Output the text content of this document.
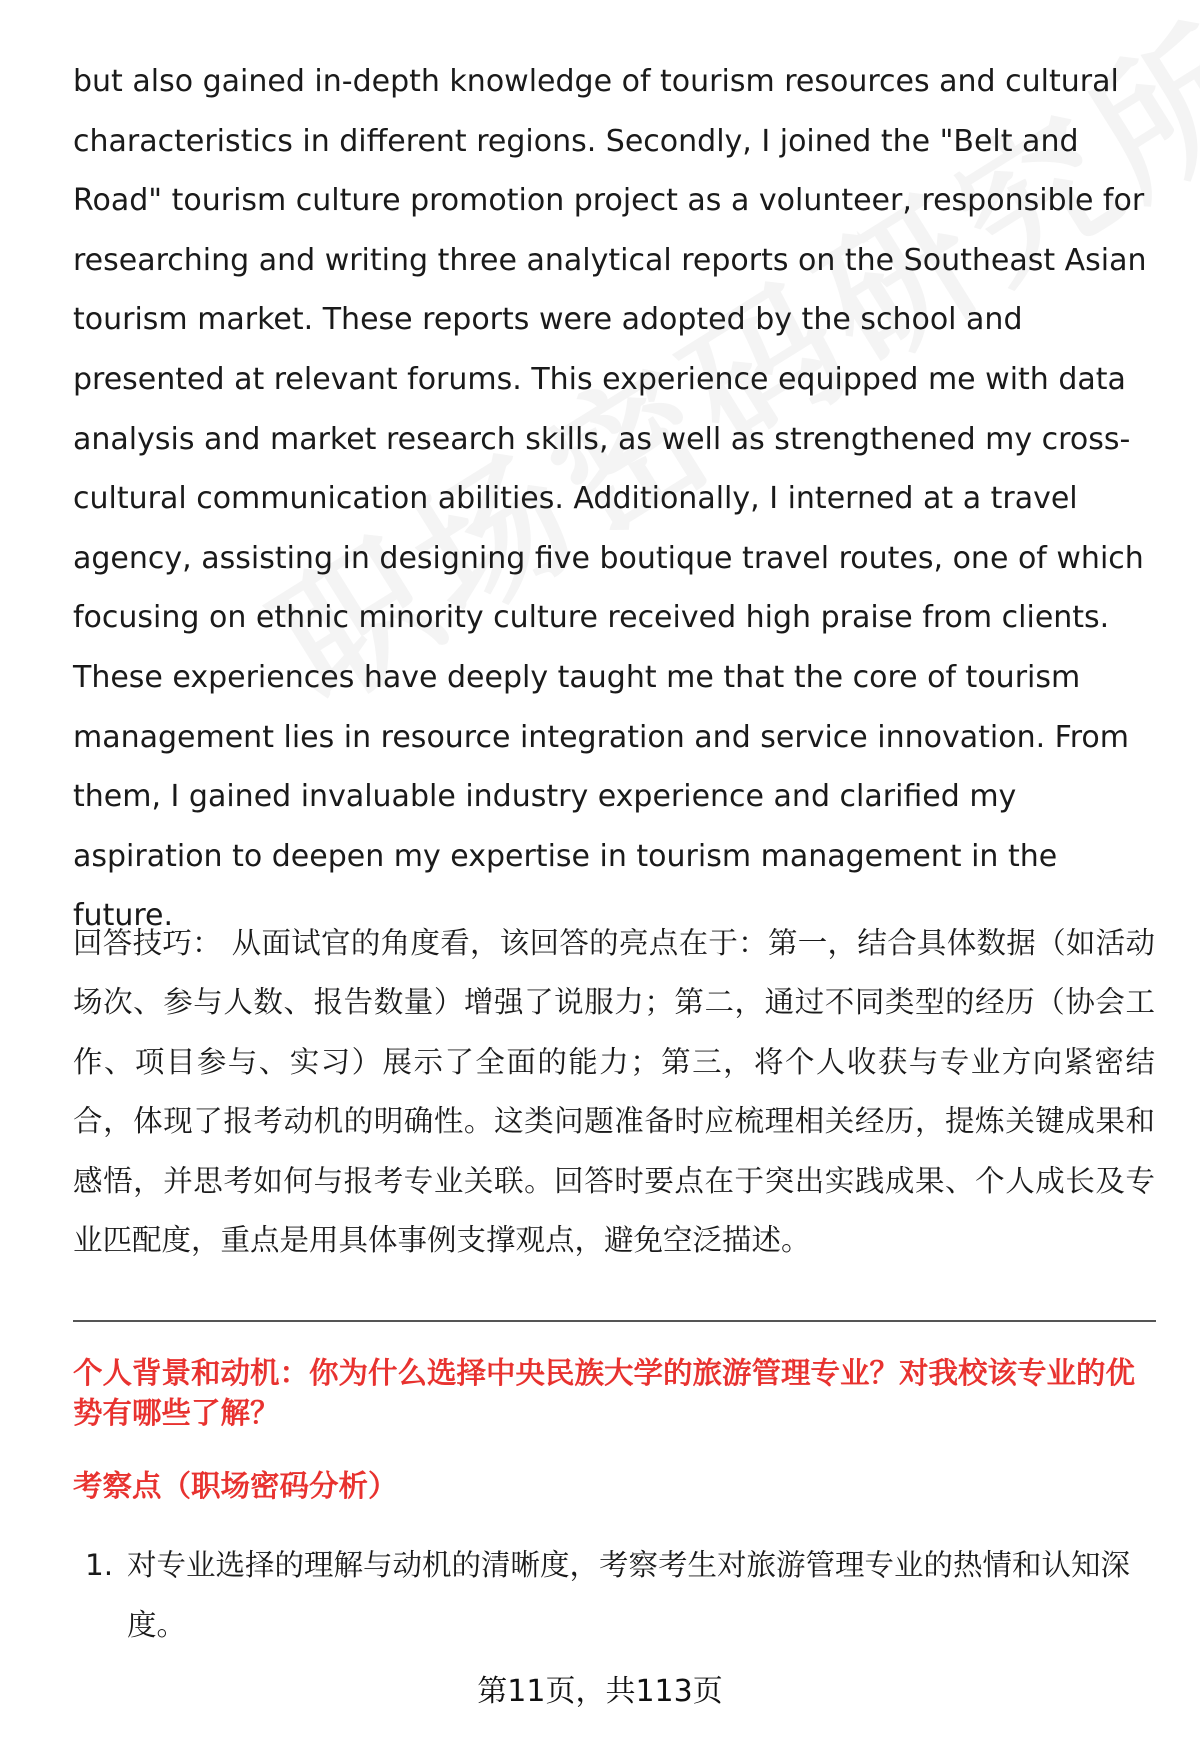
but also gained in-depth knowledge of tourism resources and cultural characteristics in different regions. Secondly, I joined the "Belt and Road" tourism culture promotion project as a volunteer, responsible for researching and writing three analytical reports on the Southeast Asian tourism market. These reports were adopted by the school and presented at relevant forums. This experience equipped me with data analysis and market research skills, as well as strengthened my cross-cultural communication abilities. Additionally, I interned at a travel agency, assisting in designing five boutique travel routes, one of which focusing on ethnic minority culture received high praise from clients. These experiences have deeply taught me that the core of tourism management lies in resource integration and service innovation. From them, I gained invaluable industry experience and clarified my aspiration to deepen my expertise in tourism management in the future.

回答技巧： 从面试官的角度看，该回答的亮点在于：第一，结合具体数据（如活动场次、参与人数、报告数量）增强了说服力；第二，通过不同类型的经历（协会工作、项目参与、实习）展示了全面的能力；第三，将个人收获与专业方向紧密结合，体现了报考动机的明确性。这类问题准备时应梳理相关经历，提炼关键成果和感悟，并思考如何与报考专业关联。回答时要点在于突出实践成果、个人成长及专业匹配度，重点是用具体事例支撑观点，避免空泛描述。

个人背景和动机：你为什么选择中央民族大学的旅游管理专业？对我校该专业的优势有哪些了解？

考察点（职场密码分析）

1. 对专业选择的理解与动机的清晰度，考察考生对旅游管理专业的热情和认知深度。
第11页，共113页
